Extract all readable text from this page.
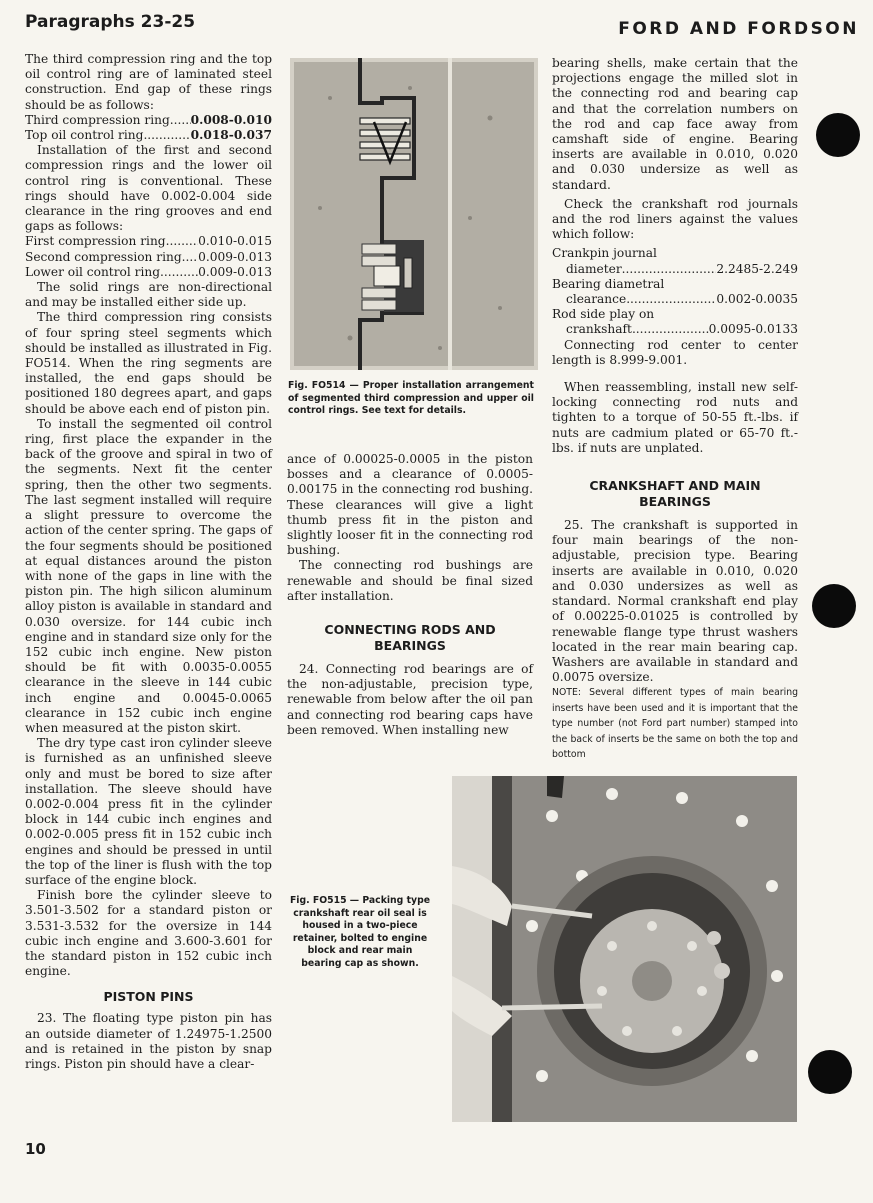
Paragraphs 23-25	FORD AND FORDSON

The third compression ring and the top oil control ring are of laminated steel construction. End gap of these rings should be as follows:

Third compression ring ..... 0.008-0.010
Top oil control ring .....	0.018-0.037

Installation of the first and second compression rings and the lower oil control ring is conventional. These rings should have 0.002-0.004 side clearance in the ring grooves and end gaps as follows:

First compression ring .....	0.010-0.015
Second compression ring ..... 0.009-0.013
Lower oil control ring .....	0.009-0.013

The solid rings are non-directional and may be installed either side up.

The third compression ring consists of four spring steel segments which should be installed as illustrated in Fig. FO514. When the ring segments are installed, the end gaps should be positioned 180 degrees apart, and gaps should be above each end of piston pin.

To install the segmented oil control ring, first place the expander in the back of the groove and spiral in two of the segments. Next fit the center spring, then the other two segments. The last segment installed will require a slight pressure to overcome the action of the center spring. The gaps of the four segments should be positioned at equal distances around the piston with none of the gaps in line with the piston pin. The high silicon aluminum alloy piston is available in standard and 0.030 oversize. for 144 cubic inch engine and in standard size only for the 152 cubic inch engine. New piston should be fit with 0.0035-0.0055 clearance in the sleeve in 144 cubic inch engine and 0.0045-0.0065 clearance in 152 cubic inch engine when measured at the piston skirt.

The dry type cast iron cylinder sleeve is furnished as an unfinished sleeve only and must be bored to size after installation. The sleeve should have 0.002-0.004 press fit in the cylinder block in 144 cubic inch engines and 0.002-0.005 press fit in 152 cubic inch engines and should be pressed in until the top of the liner is flush with the top surface of the engine block.

Finish bore the cylinder sleeve to 3.501-3.502 for a standard piston or 3.531-3.532 for the oversize in 144 cubic inch engine and 3.600-3.601 for the standard piston in 152 cubic inch engine.

PISTON PINS

23. The floating type piston pin has an outside diameter of 1.24975-1.2500 and is retained in the piston by snap rings. Piston pin should have a clear-

Fig. FO514 — Proper installation arrangement of segmented third compression and upper oil control rings. See text for details.

ance of 0.00025-0.0005 in the piston bosses and a clearance of 0.0005-0.00175 in the connecting rod bushing. These clearances will give a light thumb press fit in the piston and slightly looser fit in the connecting rod bushing.

The connecting rod bushings are renewable and should be final sized after installation.

CONNECTING RODS AND BEARINGS

24. Connecting rod bearings are of the non-adjustable, precision type, renewable from below after the oil pan and connecting rod bearing caps have been removed. When installing new

bearing shells, make certain that the projections engage the milled slot in the connecting rod and bearing cap and that the correlation numbers on the rod and cap face away from camshaft side of engine. Bearing inserts are available in 0.010, 0.020 and 0.030 undersize as well as standard.

Check the crankshaft rod journals and the rod liners against the values which follow:

Crankpin journal
diameter .....	2.2485-2.249
Bearing diametral
clearance .....	0.002-0.0035
Rod side play on
crankshaft .....	0.0095-0.0133

Connecting rod center to center length is 8.999-9.001.

When reassembling, install new self-locking connecting rod nuts and tighten to a torque of 50-55 ft.-lbs. if nuts are cadmium plated or 65-70 ft.-lbs. if nuts are unplated.

CRANKSHAFT AND MAIN BEARINGS

25. The crankshaft is supported in four main bearings of the non-adjustable, precision type. Bearing inserts are available in 0.010, 0.020 and 0.030 undersizes as well as standard. Normal crankshaft end play of 0.00225-0.01025 is controlled by renewable flange type thrust washers located in the rear main bearing cap. Washers are available in standard and 0.0075 oversize.

NOTE: Several different types of main bearing inserts have been used and it is important that the type number (not Ford part number) stamped into the back of inserts be the same on both the top and bottom

Fig. FO515 — Packing type crankshaft rear oil seal is housed in a two-piece retainer, bolted to engine block and rear main bearing cap as shown.
10
